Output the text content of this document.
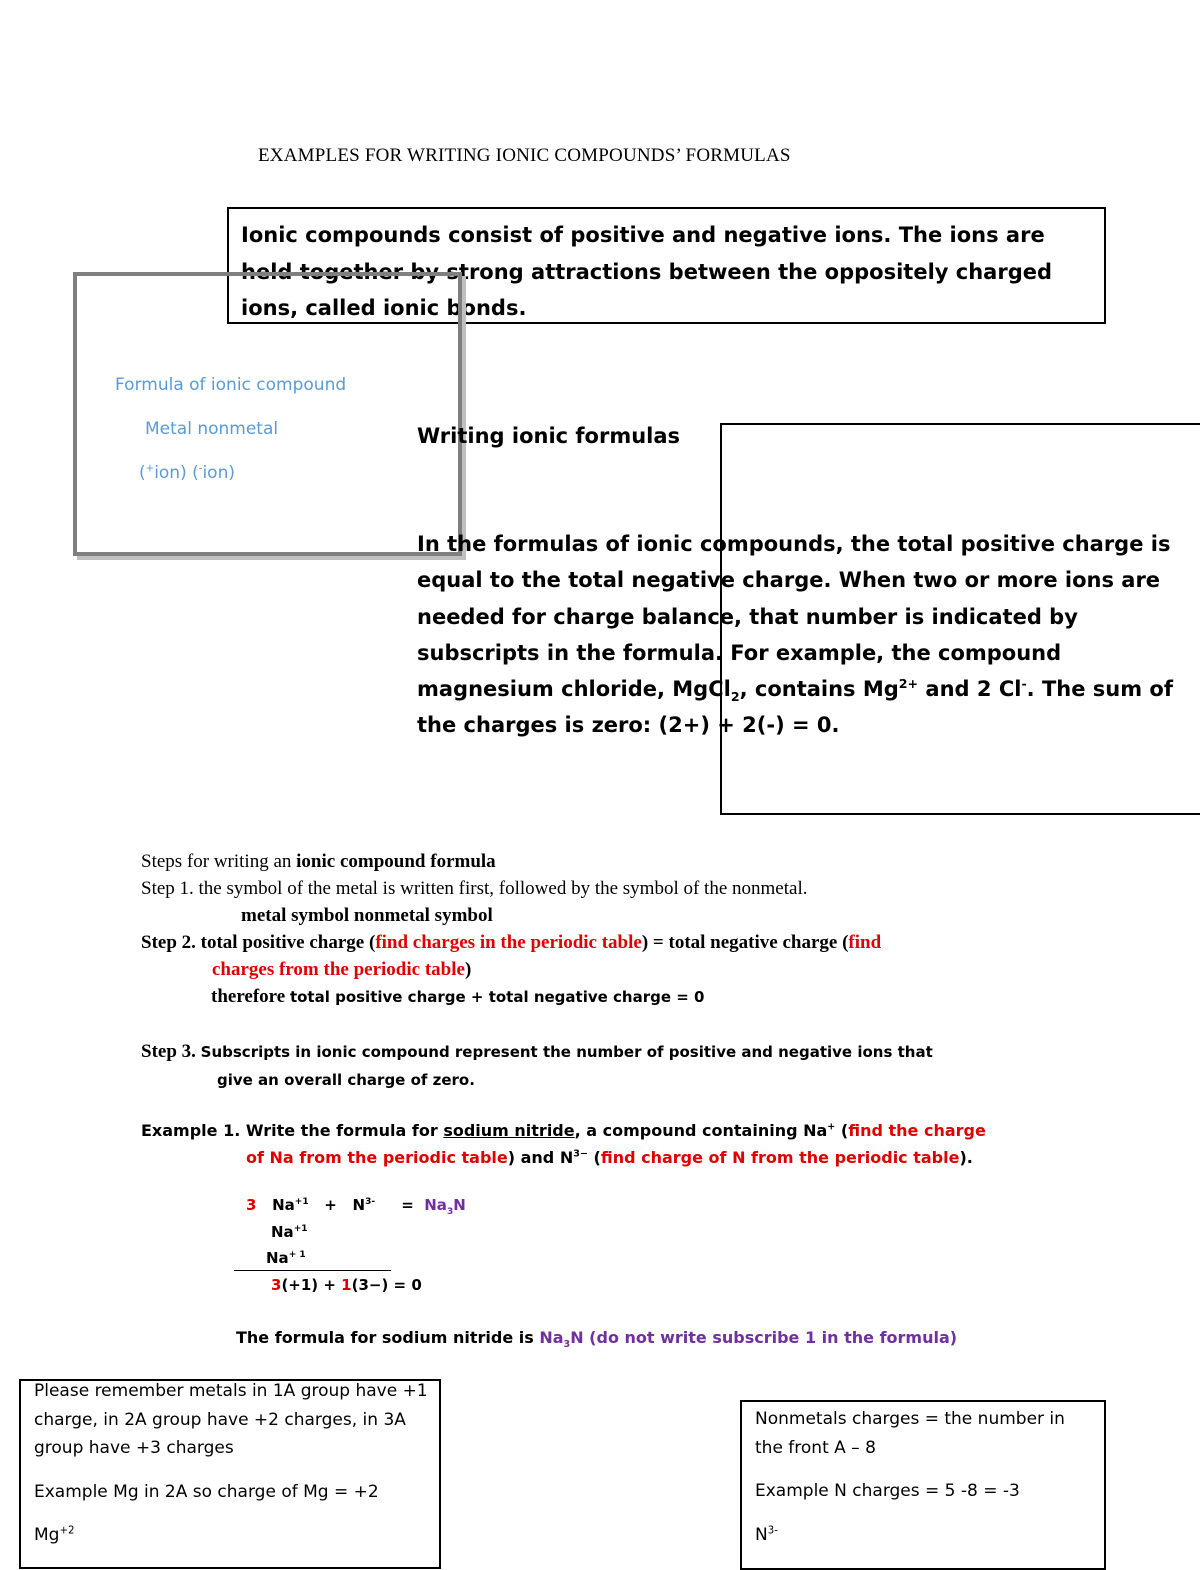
EXAMPLES FOR WRITING IONIC COMPOUNDS’ FORMULAS
Ionic compounds consist of positive and negative ions. The ions are held together by strong attractions between the oppositely charged ions, called ionic bonds.
Formula of ionic compound
Metal nonmetal
(+ion) (-ion)
Writing ionic formulas
In the formulas of ionic compounds, the total positive charge is equal to the total negative charge. When two or more ions are needed for charge balance, that number is indicated by subscripts in the formula. For example, the compound magnesium chloride, MgCl$_2$, contains $Mg^{2+}$ and 2 Cl-. The sum of the charges is zero: (2+) + 2(-) = 0.
Steps for writing an ionic compound formula
Step 1. the symbol of the metal is written first, followed by the symbol of the nonmetal.
metal symbol nonmetal symbol
Step 2. total positive charge (find charges in the periodic table) = total negative charge (find
charges from the periodic table)
therefore total positive charge + total negative charge = 0
Step 3. Subscripts in ionic compound represent the number of positive and negative ions that
give an overall charge of zero.
Example 1. Write the formula for sodium nitride, a compound containing Na+ (find the charge
of Na from the periodic table) and $N^{3-}$ (find charge of N from the periodic table).
3 $Na^{+1} + N^{3-} = Na_3N$
$Na^{+1}$
$Na^{+ 1}$
3(+1) + 1(3−) = 0
The formula for sodium nitride is $Na_3N$ (do not write subscribe 1 in the formula)
Please remember metals in 1A group have +1 charge, in 2A group have +2 charges, in 3A group have +3 charges
Example Mg in 2A so charge of Mg = +2
$Mg^{+2}$
Nonmetals charges = the number in the front A – 8
Example N charges = 5 -8 = -3
$N^{3-}$
